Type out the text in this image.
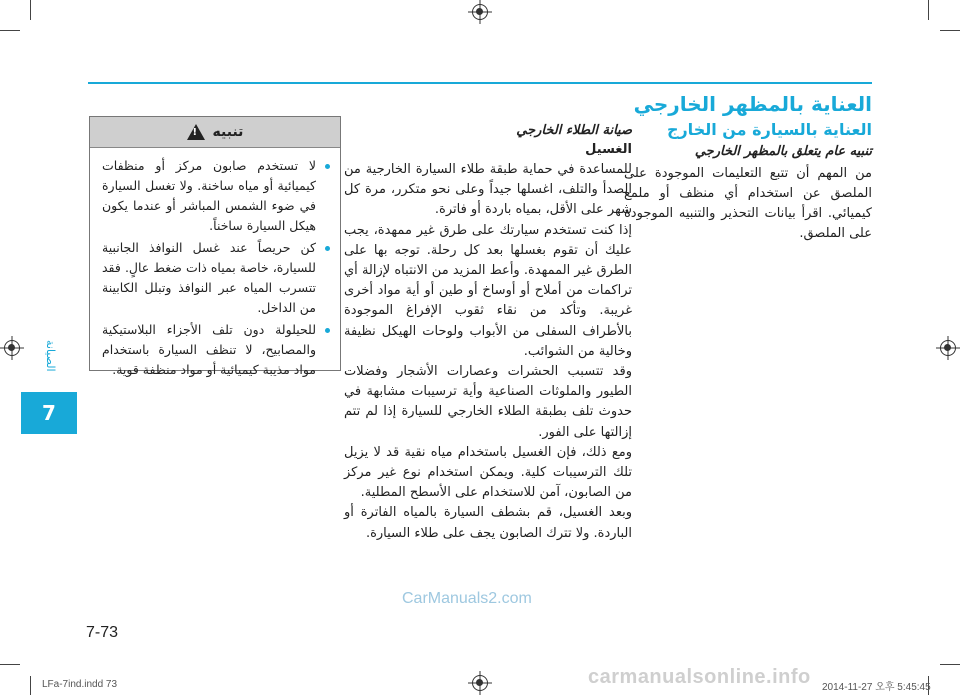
الصيانة
7
العناية بالمظهر الخارجي
العناية بالسيارة من الخارج
تنبيه عام يتعلق بالمظهر الخارجي
من المهم أن تتبع التعليمات الموجودة على الملصق عن استخدام أي منظف أو ملمع كيميائي. اقرأ بيانات التحذير والتنبيه الموجودة على الملصق.
صيانة الطلاء الخارجي
الغسيل

للمساعدة في حماية طبقة طلاء السيارة الخارجية من الصدأ والتلف، اغسلها جيداً وعلى نحو متكرر، مرة كل شهر على الأقل، بمياه باردة أو فاترة.

إذا كنت تستخدم سيارتك على طرق غير ممهدة، يجب عليك أن تقوم بغسلها بعد كل رحلة. توجه بها على الطرق غير الممهدة. وأعط المزيد من الانتباه لإزالة أي تراكمات من أملاح أو أوساخ أو طين أو أية مواد أخرى غريبة. وتأكد من نقاء ثقوب الإفراغ الموجودة بالأطراف السفلى من الأبواب ولوحات الهيكل نظيفة وخالية من الشوائب.

وقد تتسبب الحشرات وعصارات الأشجار وفضلات الطيور والملوثات الصناعية وأية ترسيبات مشابهة في حدوث تلف بطبقة الطلاء الخارجي للسيارة إذا لم تتم إزالتها على الفور.

ومع ذلك، فإن الغسيل باستخدام مياه نقية قد لا يزيل تلك الترسيبات كلية. ويمكن استخدام نوع غير مركز من الصابون، آمن للاستخدام على الأسطح المطلية.

وبعد الغسيل، قم بشطف السيارة بالمياه الفاترة أو الباردة. ولا تترك الصابون يجف على طلاء السيارة.

تنبيه
!
لا تستخدم صابون مركز أو منظفات كيميائية أو مياه ساخنة. ولا تغسل السيارة في ضوء الشمس المباشر أو عندما يكون هيكل السيارة ساخناً.
كن حريصاً عند غسل النوافذ الجانبية للسيارة، خاصة بمياه ذات ضغط عالٍ. فقد تتسرب المياه عبر النوافذ وتبلل الكابينة من الداخل.
للحيلولة دون تلف الأجزاء البلاستيكية والمصابيح، لا تنظف السيارة باستخدام مواد مذيبة كيميائية أو مواد منظفة قوية.
CarManuals2.com
7-73
LFa-7ind.indd 73	carmanualsonline.info 2014-11-27 오후 5:45:45
